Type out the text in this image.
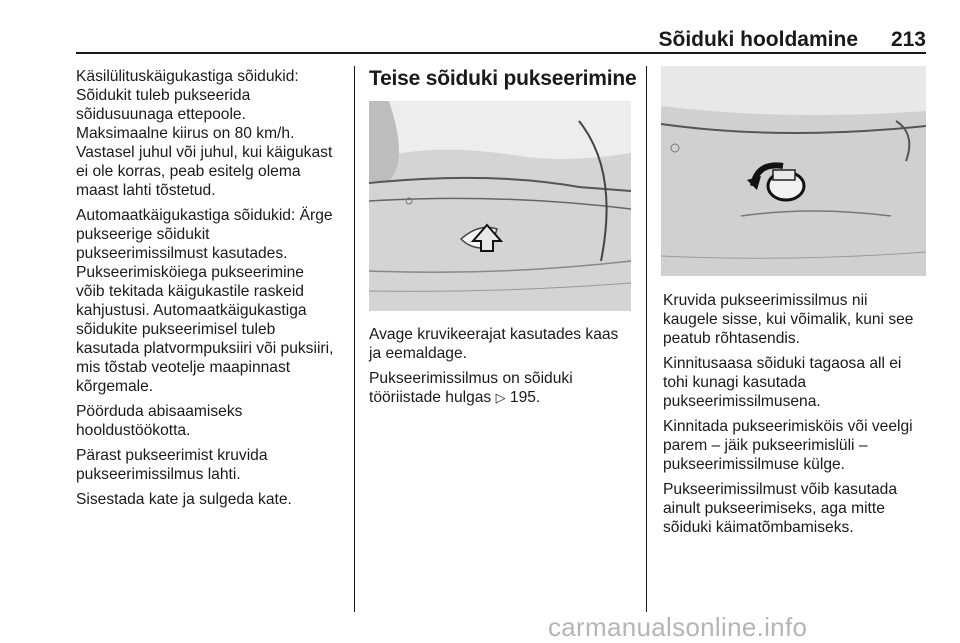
Sõiduki hooldamine	213

Käsilülituskäigukastiga sõidukid:
Sõidukit tuleb pukseerida
sõidusuunaga ettepoole.
Maksimaalne kiirus on 80 km/h.
Vastasel juhul või juhul, kui käigukast
ei ole korras, peab esitelg olema
maast lahti tõstetud.

Automaatkäigukastiga sõidukid: Ärge
pukseerige sõidukit
pukseerimissilmust kasutades.
Pukseerimisköiega pukseerimine
võib tekitada käigukastile raskeid
kahjustusi. Automaatkäigukastiga
sõidukite pukseerimisel tuleb
kasutada platvormpuksiiri või puksiiri,
mis tõstab veotelje maapinnast
kõrgemale.

Pöörduda abisaamiseks
hooldustöökotta.

Pärast pukseerimist kruvida
pukseerimissilmus lahti.

Sisestada kate ja sulgeda kate.

Teise sõiduki pukseerimine

Avage kruvikeerajat kasutades kaas
ja eemaldage.

Pukseerimissilmus on sõiduki
tööriistade hulgas ▷ 195.

Kruvida pukseerimissilmus nii
kaugele sisse, kui võimalik, kuni see
peatub rõhtasendis.

Kinnitusaasa sõiduki tagaosa all ei
tohi kunagi kasutada
pukseerimissilmusena.

Kinnitada pukseerimisköis või veelgi
parem – jäik pukseerimislüli –
pukseerimissilmuse külge.

Pukseerimissilmust võib kasutada
ainult pukseerimiseks, aga mitte
sõiduki käimatõmbamiseks.

carmanualsonline.info
